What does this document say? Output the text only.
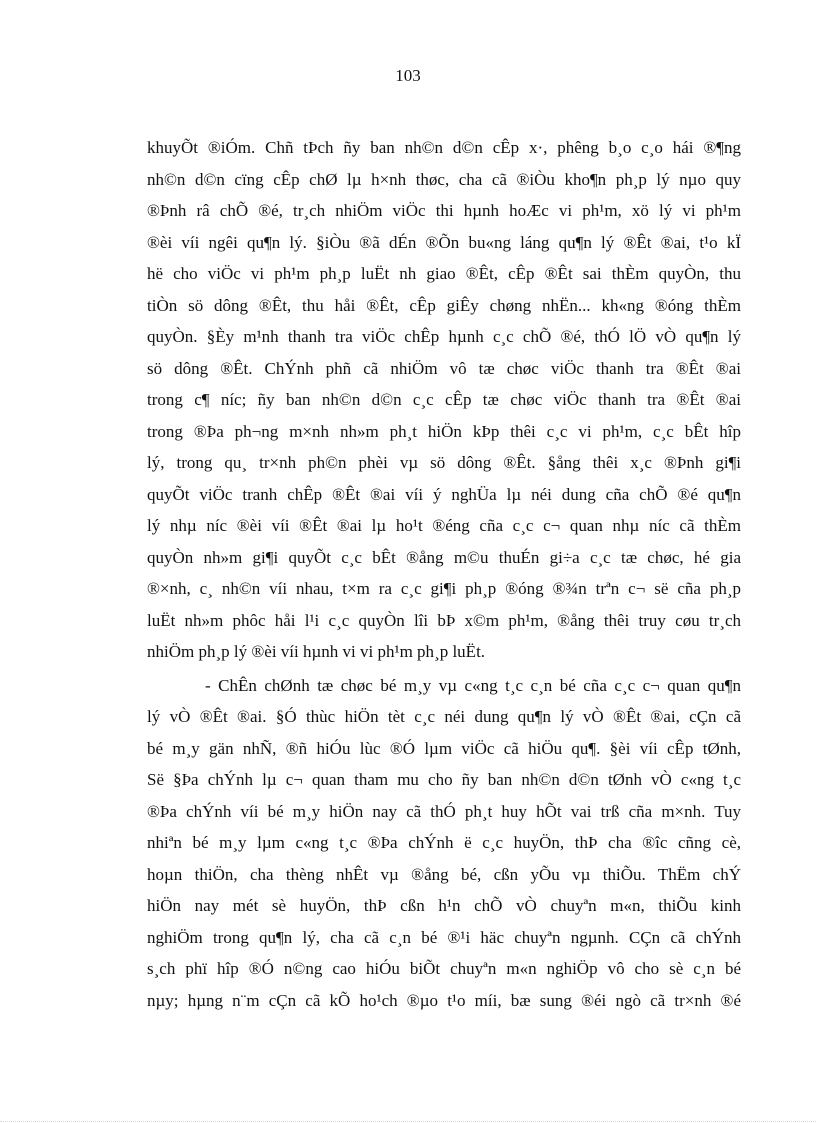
103

khuyÕt ®iÓm. Chñ tÞch ñy ban nh©n d©n cÊp x·, phêng b¸o c¸o hái ®¶ng
nh©n d©n cïng cÊp chØ lµ h×nh thøc, cha cã ®iÒu kho¶n ph¸p lý nµo quy
®Þnh râ chÕ ®é, tr¸ch nhiÖm viÖc thi hµnh hoÆc vi ph¹m, xö lý vi ph¹m
®èi víi ngêi qu¶n lý. §iÒu ®ã dÉn ®Õn bu«ng láng qu¶n lý ®Êt ®ai, t¹o kÏ
hë cho viÖc vi ph¹m ph¸p luËt nh giao ®Êt, cÊp ®Êt sai thÈm quyÒn, thu
tiÒn sö dông ®Êt, thu håi ®Êt, cÊp giÊy chøng nhËn... kh«ng ®óng thÈm
quyÒn. §Èy m¹nh thanh tra viÖc chÊp hµnh c¸c chÕ ®é, thÓ lÖ vÒ qu¶n lý
sö dông ®Êt. ChÝnh phñ cã nhiÖm vô tæ chøc viÖc thanh tra ®Êt ®ai
trong c¶ níc; ñy ban nh©n d©n c¸c cÊp tæ chøc viÖc thanh tra ®Êt ®ai
trong ®Þa ph¬ng m×nh nh»m ph¸t hiÖn kÞp thêi c¸c vi ph¹m, c¸c bÊt hîp
lý, trong qu¸ tr×nh ph©n phèi vµ sö dông ®Êt. §ång thêi x¸c ®Þnh gi¶i
quyÕt viÖc tranh chÊp ®Êt ®ai víi ý nghÜa lµ néi dung cña chÕ ®é qu¶n
lý nhµ níc ®èi víi ®Êt ®ai lµ ho¹t ®éng cña c¸c c¬ quan nhµ níc cã thÈm
quyÒn nh»m gi¶i quyÕt c¸c bÊt ®ång m©u thuÉn gi÷a c¸c tæ chøc, hé gia
®×nh, c¸ nh©n víi nhau, t×m ra c¸c gi¶i ph¸p ®óng ®¾n trªn c¬ së cña ph¸p
luËt nh»m phôc håi l¹i c¸c quyÒn lîi bÞ x©m ph¹m, ®ång thêi truy cøu tr¸ch
nhiÖm ph¸p lý ®èi víi hµnh vi vi ph¹m ph¸p luËt.

- ChÊn chØnh tæ chøc bé m¸y vµ c«ng t¸c c¸n bé cña c¸c c¬ quan qu¶n
lý vÒ ®Êt ®ai. §Ó thùc hiÖn tèt c¸c néi dung qu¶n lý vÒ ®Êt ®ai, cÇn cã
bé m¸y gän nhÑ, ®ñ hiÓu lùc ®Ó lµm viÖc cã hiÖu qu¶. §èi víi cÊp tØnh,
Së §Þa chÝnh lµ c¬ quan tham mu cho ñy ban nh©n d©n tØnh vÒ c«ng t¸c
®Þa chÝnh víi bé m¸y hiÖn nay cã thÓ ph¸t huy hÕt vai trß cña m×nh. Tuy
nhiªn bé m¸y lµm c«ng t¸c ®Þa chÝnh ë c¸c huyÖn, thÞ cha ®îc cñng cè,
hoµn thiÖn, cha thèng nhÊt vµ ®ång bé, cßn yÕu vµ thiÕu. ThËm chÝ
hiÖn nay mét sè huyÖn, thÞ cßn h¹n chÕ vÒ chuyªn m«n, thiÕu kinh
nghiÖm trong qu¶n lý, cha cã c¸n bé ®¹i häc chuyªn ngµnh. CÇn cã chÝnh
s¸ch phï hîp ®Ó n©ng cao hiÓu biÕt chuyªn m«n nghiÖp vô cho sè c¸n bé
nµy; hµng n¨m cÇn cã kÕ ho¹ch ®µo t¹o míi, bæ sung ®éi ngò cã tr×nh ®é
